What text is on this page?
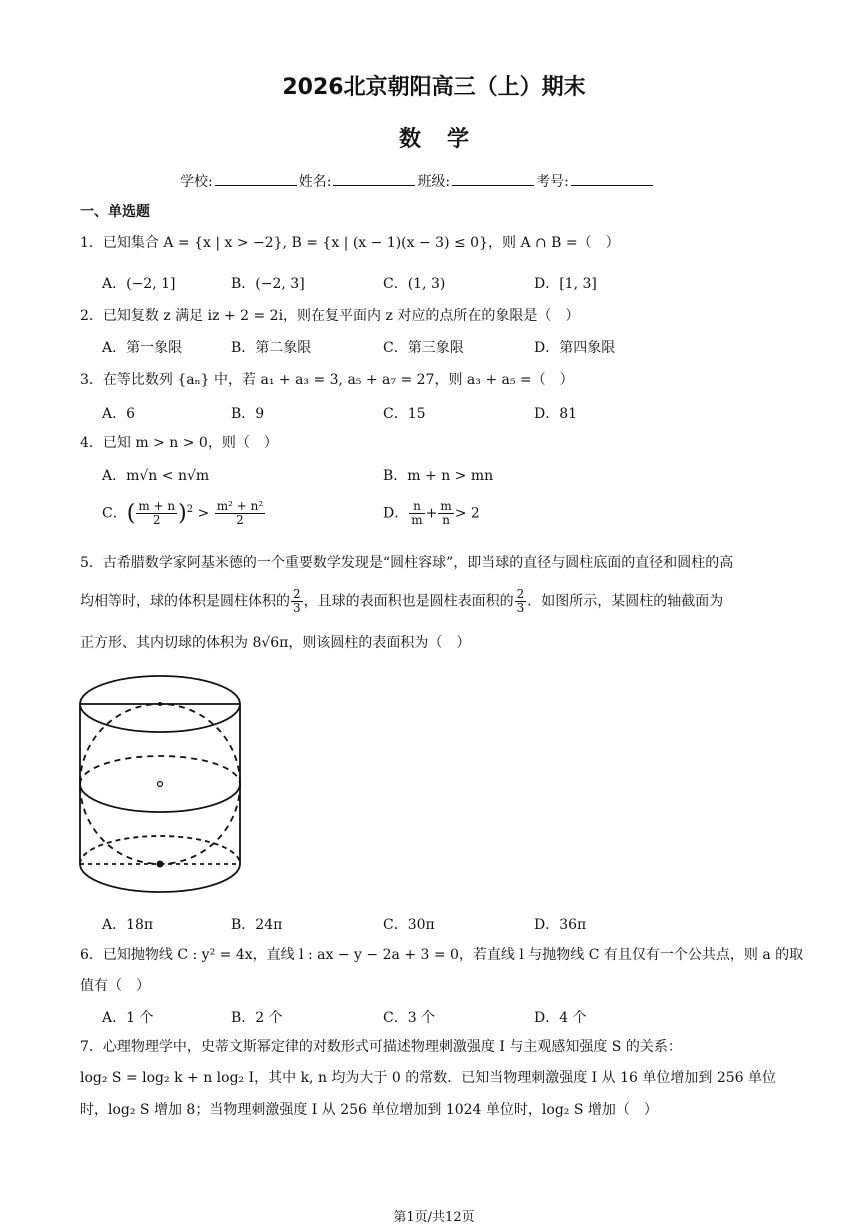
2026北京朝阳高三（上）期末
数学
学校:	姓名:	班级:	考号:
一、单选题
1．已知集合 A = {x | x > −2}, B = {x | (x − 1)(x − 3) ≤ 0}，则 A ∩ B =（　）
A．(−2, 1]	B．(−2, 3]	C．(1, 3)	D．[1, 3]
2．已知复数 z 满足 iz + 2 = 2i，则在复平面内 z 对应的点所在的象限是（　）
A．第一象限	B．第二象限	C．第三象限	D．第四象限
3．在等比数列 {aₙ} 中，若 a₁ + a₃ = 3, a₅ + a₇ = 27，则 a₃ + a₅ =（　）
A．6	B．9	C．15	D．81
4．已知 m > n > 0，则（　）
A．m√n < n√m	B．m + n > mn
C．( $\frac{m + n}{2} )^2 > \frac{\text{m² + n²}}{2}$	D． $\frac{n}{m} + \frac{m}{n} > 2$
5．古希腊数学家阿基米德的一个重要数学发现是“圆柱容球”，即当球的直径与圆柱底面的直径和圆柱的高
均相等时，球的体积是圆柱体积的 $\frac{2}{3}$ ，且球的表面积也是圆柱表面积的 $\frac{2}{3}$ ．如图所示，某圆柱的轴截面为
正方形、其内切球的体积为 8√6π，则该圆柱的表面积为（　）
A．18π	B．24π	C．30π	D．36π
6．已知抛物线 C : y² = 4x，直线 l : ax − y − 2a + 3 = 0，若直线 l 与抛物线 C 有且仅有一个公共点，则 a 的取
值有（　）
A．1 个	B．2 个	C．3 个	D．4 个
7．心理物理学中，史蒂文斯幂定律的对数形式可描述物理刺激强度 I 与主观感知强度 S 的关系：
log₂ S = log₂ k + n log₂ I，其中 k, n 均为大于 0 的常数．已知当物理刺激强度 I 从 16 单位增加到 256 单位
时，log₂ S 增加 8；当物理刺激强度 I 从 256 单位增加到 1024 单位时，log₂ S 增加（　）
第1页/共12页
